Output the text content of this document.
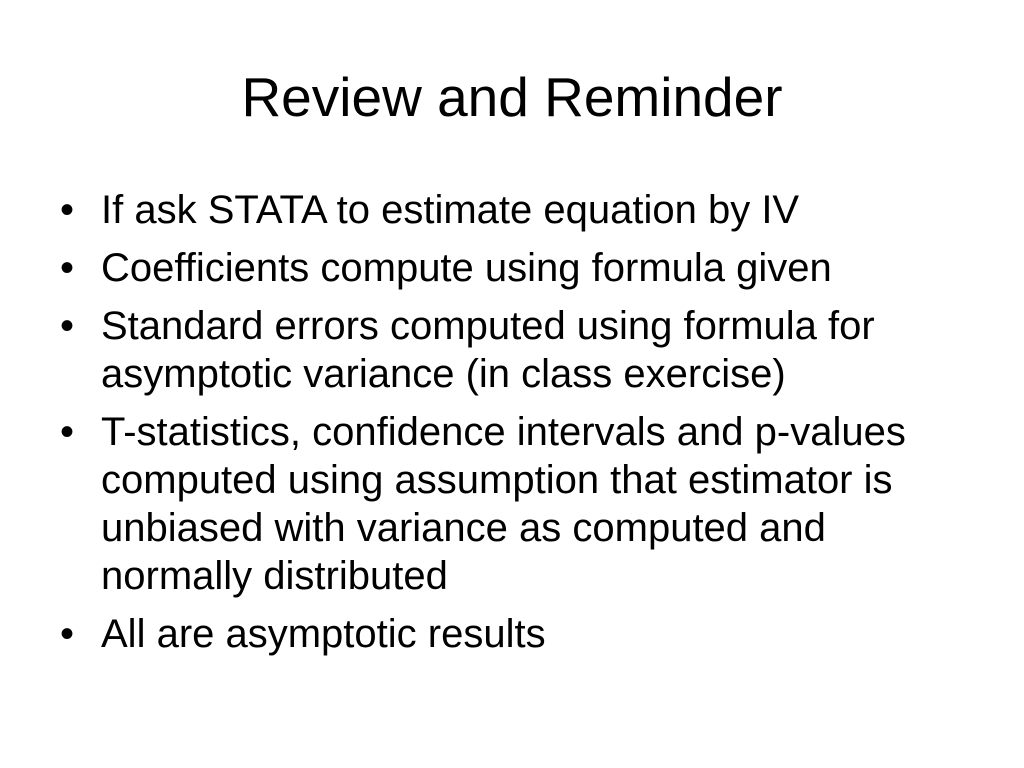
Review and Reminder
• If ask STATA to estimate equation by IV
• Coefficients compute using formula given
• Standard errors computed using formula for asymptotic variance (in class exercise)
• T-statistics, confidence intervals and p-values computed using assumption that estimator is unbiased with variance as computed and normally distributed
• All are asymptotic results
